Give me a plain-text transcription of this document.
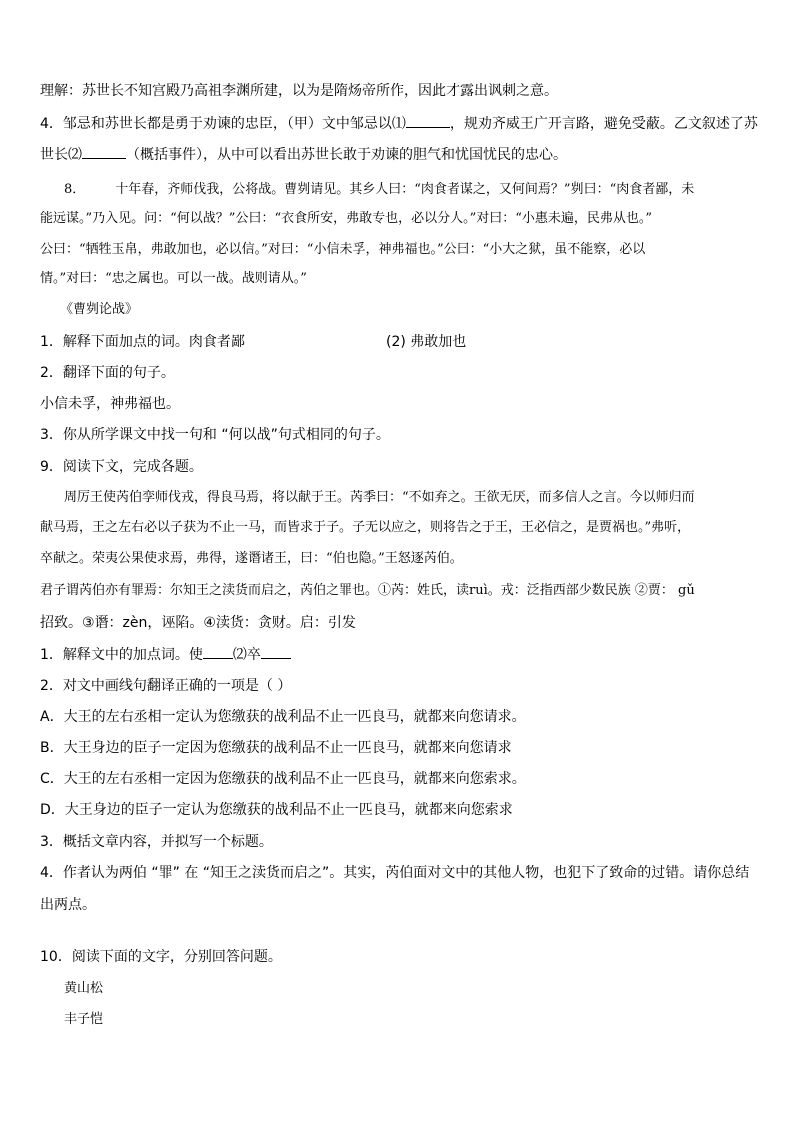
理解：苏世长不知宫殿乃高祖李渊所建，以为是隋炀帝所作，因此才露出讽刺之意。
4．邹忌和苏世长都是勇于劝谏的忠臣，（甲）文中邹忌以⑴	，规劝齐威王广开言路，避免受蔽。乙文叙述了苏
世长⑵	（概括事件），从中可以看出苏世长敢于劝谏的胆气和忧国忧民的忠心。
8． 十年春，齐师伐我，公将战。曹刿请见。其乡人曰：“肉食者谋之，又何间焉？”刿曰：“肉食者鄙，未
能远谋。”乃入见。问：“何以战？”公曰：“衣食所安，弗敢专也，必以分人。”对曰：“小惠未遍，民弗从也。”
公曰：“牺牲玉帛，弗敢加也，必以信。”对曰：“小信未孚，神弗福也。”公曰：“小大之狱，虽不能察，必以
情。”对曰：“忠之属也。可以一战。战则请从。”
《曹刿论战》
1．解释下面加点的词。肉食者鄙	(2) 弗敢加也
2．翻译下面的句子。
小信未孚，神弗福也。
3．你从所学课文中找一句和 “何以战”句式相同的句子。
9．阅读下文，完成各题。
周厉王使芮伯孪师伐戎，得良马焉，将以献于王。芮季曰：“不如弃之。王欲无厌，而多信人之言。今以师归而
献马焉，王之左右必以子获为不止一马，而皆求于子。子无以应之，则将告之于王，王必信之，是贾祸也。”弗听，
卒献之。荣夷公果使求焉，弗得，遂谮诸王，曰：“伯也隐。”王怒逐芮伯。
君子谓芮伯亦有罪焉：尔知王之渎货而启之，芮伯之罪也。①芮：姓氏，读ruì。戎：泛指西部少数民族 ②贾： gǔ
招致。③谮：zèn，诬陷。④渎货：贪财。启：引发
1．解释文中的加点词。使 ⑵卒
2．对文中画线句翻译正确的一项是（ ）
A．大王的左右丞相一定认为您缴获的战利品不止一匹良马，就都来向您请求。
B．大王身边的臣子一定因为您缴获的战利品不止一匹良马，就都来向您请求
C．大王的左右丞相一定因为您缴获的战利品不止一匹良马，就都来向您索求。
D．大王身边的臣子一定认为您缴获的战利品不止一匹良马，就都来向您索求
3．概括文章内容，并拟写一个标题。
4．作者认为两伯 “罪” 在 “知王之渎货而启之”。其实，芮伯面对文中的其他人物，也犯下了致命的过错。请你总结
出两点。
10．阅读下面的文字，分别回答问题。
黄山松
丰子恺
